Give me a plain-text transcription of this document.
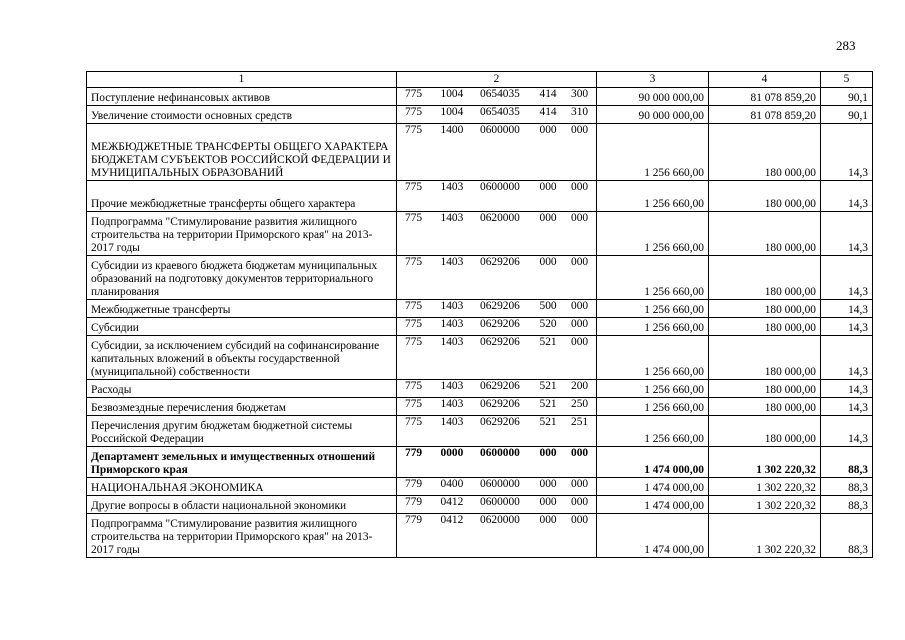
283
1	2	3	4	5
Поступление нефинансовых активов	775 1004 0654035 414 300	90 000 000,00	81 078 859,20	90,1
Увеличение стоимости основных средств	775 1004 0654035 414 310	90 000 000,00	81 078 859,20	90,1
МЕЖБЮДЖЕТНЫЕ ТРАНСФЕРТЫ ОБЩЕГО ХАРАКТЕРА БЮДЖЕТАМ СУБЪЕКТОВ РОССИЙСКОЙ ФЕДЕРАЦИИ И МУНИЦИПАЛЬНЫХ ОБРАЗОВАНИЙ	775 1400 0600000 000 000	1 256 660,00	180 000,00	14,3
Прочие межбюджетные трансферты общего характера	775 1403 0600000 000 000	1 256 660,00	180 000,00	14,3
Подпрограмма "Стимулирование развития жилищного строительства на территории Приморского края" на 2013-2017 годы	775 1403 0620000 000 000	1 256 660,00	180 000,00	14,3
Субсидии из краевого бюджета бюджетам муниципальных образований на подготовку документов территориального планирования	775 1403 0629206 000 000	1 256 660,00	180 000,00	14,3
Межбюджетные трансферты	775 1403 0629206 500 000	1 256 660,00	180 000,00	14,3
Субсидии	775 1403 0629206 520 000	1 256 660,00	180 000,00	14,3
Субсидии, за исключением субсидий на софинансирование капитальных вложений в объекты государственной (муниципальной) собственности	775 1403 0629206 521 000	1 256 660,00	180 000,00	14,3
Расходы	775 1403 0629206 521 200	1 256 660,00	180 000,00	14,3
Безвозмездные перечисления бюджетам	775 1403 0629206 521 250	1 256 660,00	180 000,00	14,3
Перечисления другим бюджетам бюджетной системы Российской Федерации	775 1403 0629206 521 251	1 256 660,00	180 000,00	14,3
Департамент земельных и имущественных отношений Приморского края	779 0000 0600000 000 000	1 474 000,00	1 302 220,32	88,3
НАЦИОНАЛЬНАЯ ЭКОНОМИКА	779 0400 0600000 000 000	1 474 000,00	1 302 220,32	88,3
Другие вопросы в области национальной экономики	779 0412 0600000 000 000	1 474 000,00	1 302 220,32	88,3
Подпрограмма "Стимулирование развития жилищного строительства на территории Приморского края" на 2013-2017 годы	779 0412 0620000 000 000	1 474 000,00	1 302 220,32	88,3
